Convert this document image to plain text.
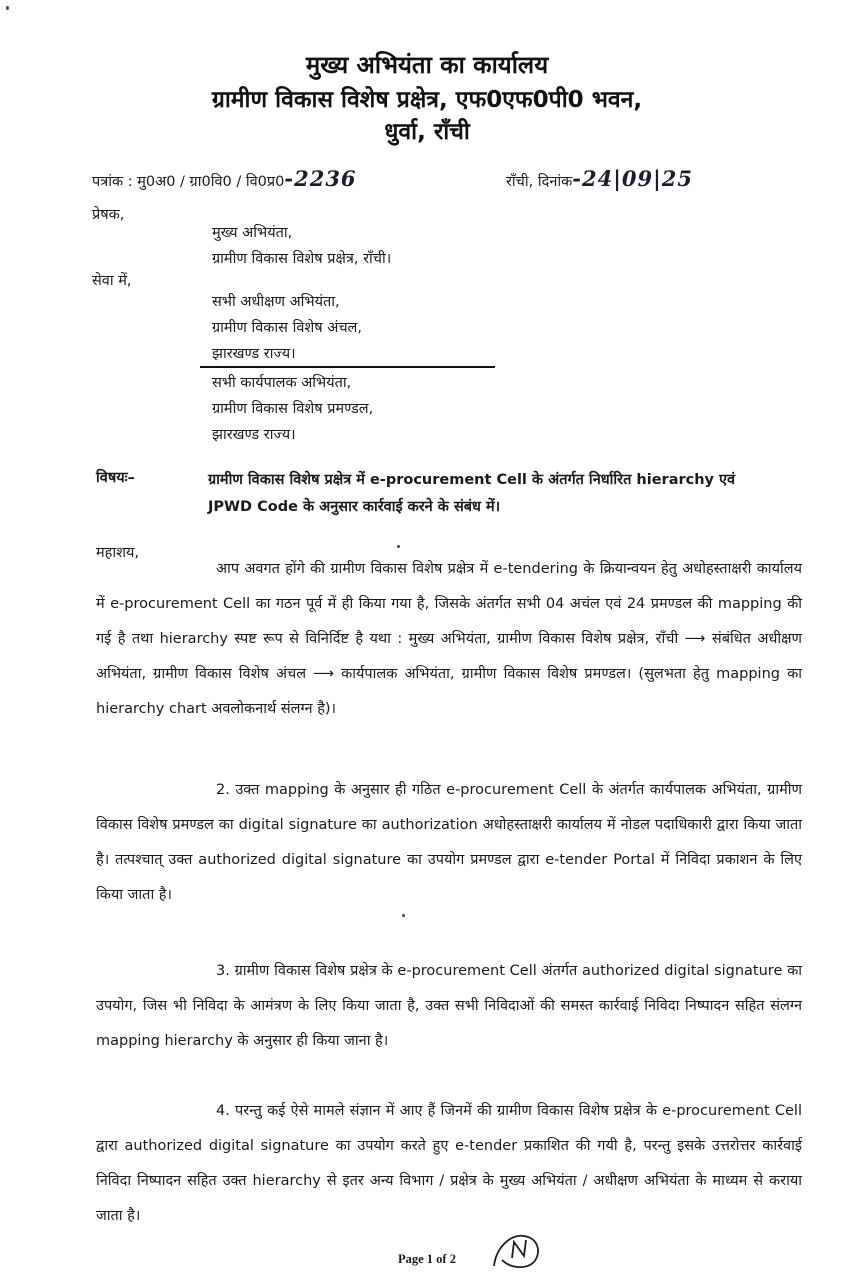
मुख्य अभियंता का कार्यालय
ग्रामीण विकास विशेष प्रक्षेत्र, एफ0एफ0पी0 भवन,
धुर्वा, राँची
पत्रांक : मु0अ0 / ग्रा0वि0 / वि0प्र0-2236	राँची, दिनांक-24|09|25
प्रेषक,
मुख्य अभियंता,
ग्रामीण विकास विशेष प्रक्षेत्र, राँची।
सेवा में,
सभी अधीक्षण अभियंता,
ग्रामीण विकास विशेष अंचल,
झारखण्ड राज्य।
सभी कार्यपालक अभियंता,
ग्रामीण विकास विशेष प्रमण्डल,
झारखण्ड राज्य।
विषयः–	ग्रामीण विकास विशेष प्रक्षेत्र में e-procurement Cell के अंतर्गत निर्धारित hierarchy एवं JPWD Code के अनुसार कार्रवाई करने के संबंध में।
महाशय,
आप अवगत होंगे की ग्रामीण विकास विशेष प्रक्षेत्र में e-tendering के क्रियान्वयन हेतु अधोहस्ताक्षरी कार्यालय में e-procurement Cell का गठन पूर्व में ही किया गया है, जिसके अंतर्गत सभी 04 अचंल एवं 24 प्रमण्डल की mapping की गई है तथा hierarchy स्पष्ट रूप से विनिर्दिष्ट है यथा : मुख्य अभियंता, ग्रामीण विकास विशेष प्रक्षेत्र, राँची ⟶ संबंधित अधीक्षण अभियंता, ग्रामीण विकास विशेष अंचल ⟶ कार्यपालक अभियंता, ग्रामीण विकास विशेष प्रमण्डल। (सुलभता हेतु mapping का hierarchy chart अवलोकनार्थ संलग्न है)।
2. उक्त mapping के अनुसार ही गठित e-procurement Cell के अंतर्गत कार्यपालक अभियंता, ग्रामीण विकास विशेष प्रमण्डल का digital signature का authorization अधोहस्ताक्षरी कार्यालय में नोडल पदाधिकारी द्वारा किया जाता है। तत्पश्चात् उक्त authorized digital signature का उपयोग प्रमण्डल द्वारा e-tender Portal में निविदा प्रकाशन के लिए किया जाता है।
3. ग्रामीण विकास विशेष प्रक्षेत्र के e-procurement Cell अंतर्गत authorized digital signature का उपयोग, जिस भी निविदा के आमंत्रण के लिए किया जाता है, उक्त सभी निविदाओं की समस्त कार्रवाई निविदा निष्पादन सहित संलग्न mapping hierarchy के अनुसार ही किया जाना है।
4. परन्तु कई ऐसे मामले संज्ञान में आए हैं जिनमें की ग्रामीण विकास विशेष प्रक्षेत्र के e-procurement Cell द्वारा authorized digital signature का उपयोग करते हुए e-tender प्रकाशित की गयी है, परन्तु इसके उत्तरोत्तर कार्रवाई निविदा निष्पादन सहित उक्त hierarchy से इतर अन्य विभाग / प्रक्षेत्र के मुख्य अभियंता / अधीक्षण अभियंता के माध्यम से कराया जाता है।
Page 1 of 2
